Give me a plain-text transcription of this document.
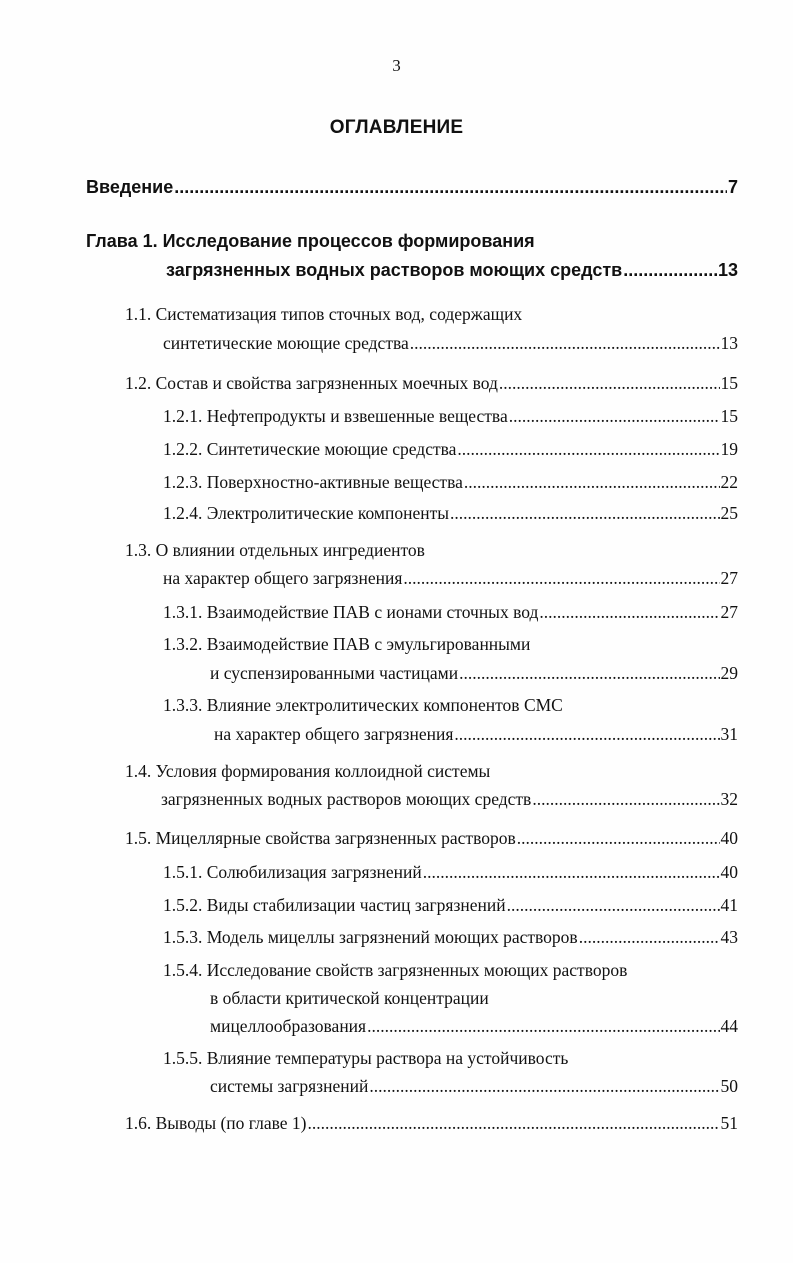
3
ОГЛАВЛЕНИЕ
Введение .....	7
Глава 1. Исследование процессов формирования
загрязненных водных растворов моющих средств .....	13
1.1. Систематизация типов сточных вод, содержащих
синтетические моющие средства .....	13
1.2. Состав и свойства загрязненных моечных вод .....	15
1.2.1. Нефтепродукты и взвешенные вещества .....	15
1.2.2. Синтетические моющие средства .....	19
1.2.3. Поверхностно-активные вещества .....	22
1.2.4. Электролитические компоненты .....	25
1.3. О влиянии отдельных ингредиентов
на характер общего загрязнения .....	27
1.3.1. Взаимодействие ПАВ с ионами сточных вод .....	27
1.3.2. Взаимодействие ПАВ с эмульгированными
и суспензированными частицами .....	29
1.3.3. Влияние электролитических компонентов СМС
на характер общего загрязнения .....	31
1.4. Условия формирования коллоидной системы
загрязненных водных растворов моющих средств .....	32
1.5. Мицеллярные свойства загрязненных растворов .....	40
1.5.1. Солюбилизация загрязнений .....	40
1.5.2. Виды стабилизации частиц загрязнений .....	41
1.5.3. Модель мицеллы загрязнений моющих растворов .....	43
1.5.4. Исследование свойств загрязненных моющих растворов
в области критической концентрации
мицеллообразования .....	44
1.5.5. Влияние температуры раствора на устойчивость
системы загрязнений .....	50
1.6. Выводы (по главе 1) .....	51
